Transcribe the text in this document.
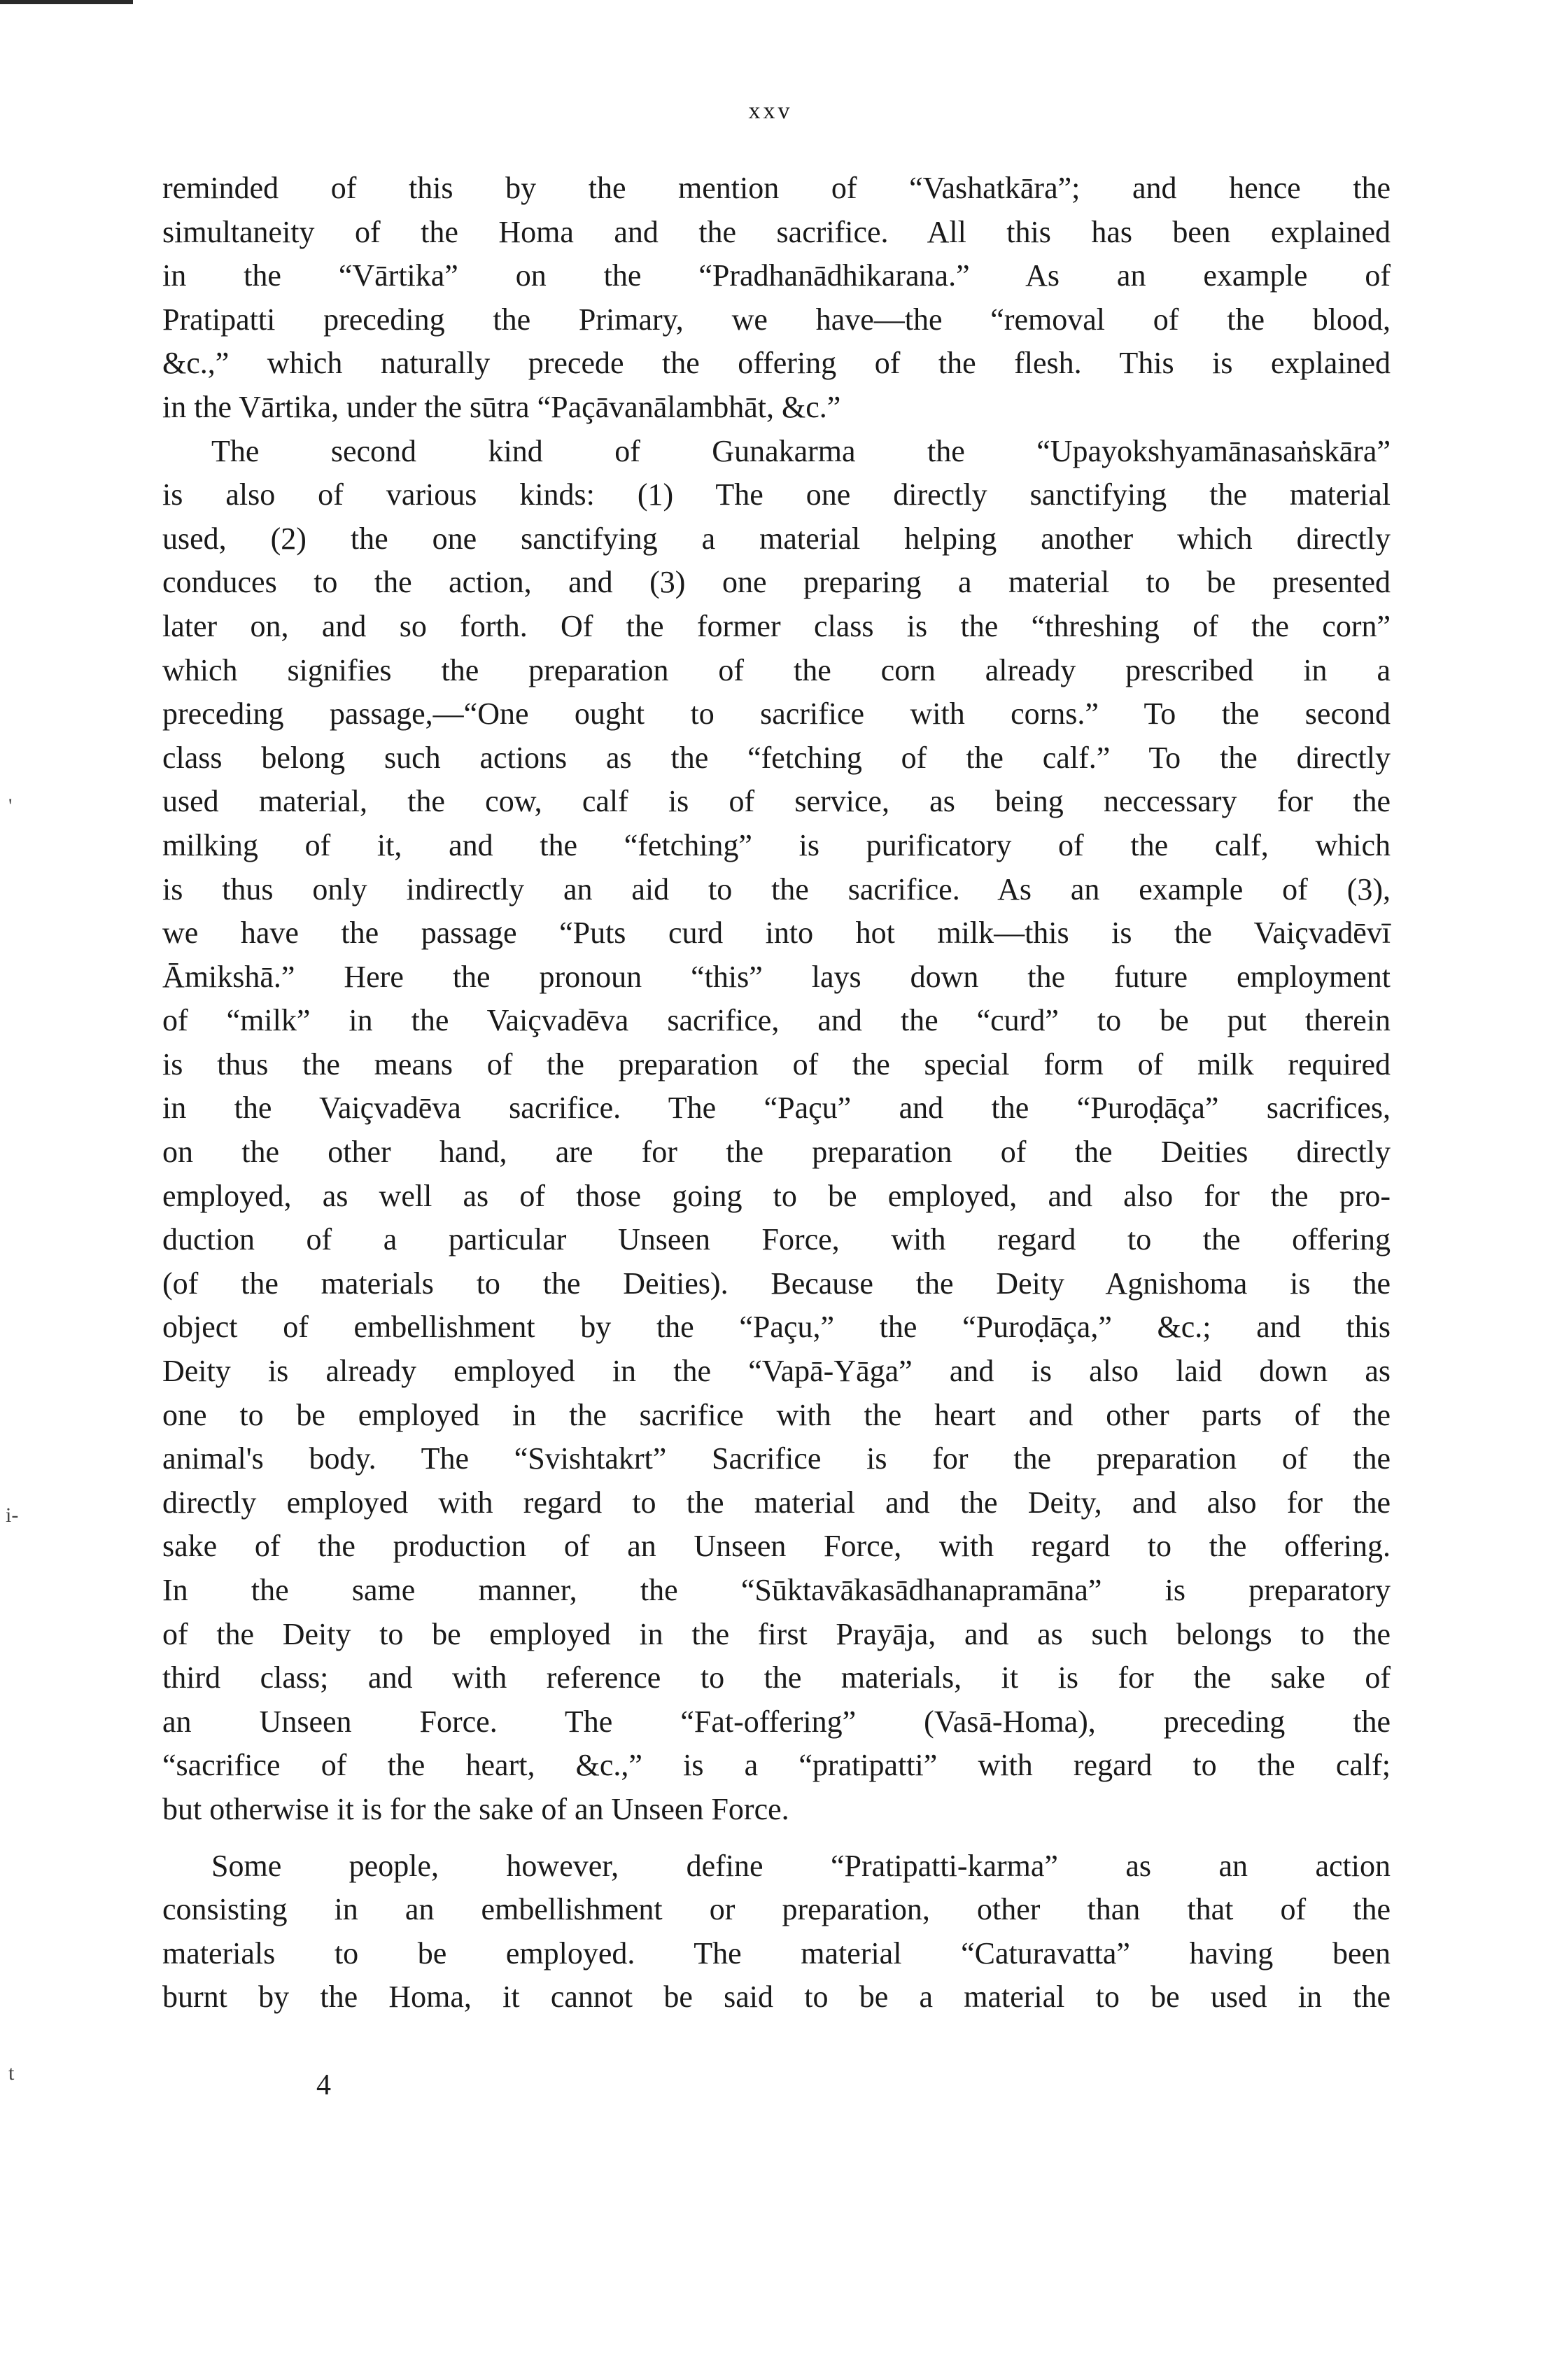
xxv
reminded of this by the mention of “Vashatkāra”; and hence the
simultaneity of the Homa and the sacrifice. All this has been explained
in the “Vārtika” on the “Pradhanādhikarana.” As an example of
Pratipatti preceding the Primary, we have—the “removal of the blood,
&c.,” which naturally precede the offering of the flesh. This is explained
in the Vārtika, under the sūtra “Paçāvanālambhāt, &c.”
The second kind of Gunakarma the “Upayokshyamānasaṅskāra”
is also of various kinds: (1) The one directly sanctifying the material
used, (2) the one sanctifying a material helping another which directly
conduces to the action, and (3) one preparing a material to be presented
later on, and so forth. Of the former class is the “threshing of the corn”
which signifies the preparation of the corn already prescribed in a
preceding passage,—“One ought to sacrifice with corns.” To the second
class belong such actions as the “fetching of the calf.” To the directly
used material, the cow, calf is of service, as being neccessary for the
milking of it, and the “fetching” is purificatory of the calf, which
is thus only indirectly an aid to the sacrifice. As an example of (3),
we have the passage “Puts curd into hot milk—this is the Vaiçvadēvī
Āmikshā.” Here the pronoun “this” lays down the future employment
of “milk” in the Vaiçvadēva sacrifice, and the “curd” to be put therein
is thus the means of the preparation of the special form of milk required
in the Vaiçvadēva sacrifice. The “Paçu” and the “Puroḍāça” sacrifices,
on the other hand, are for the preparation of the Deities directly
employed, as well as of those going to be employed, and also for the pro-
duction of a particular Unseen Force, with regard to the offering
(of the materials to the Deities). Because the Deity Agnishoma is the
object of embellishment by the “Paçu,” the “Puroḍāça,” &c.; and this
Deity is already employed in the “Vapā-Yāga” and is also laid down as
one to be employed in the sacrifice with the heart and other parts of the
animal's body. The “Svishtakrt” Sacrifice is for the preparation of the
directly employed with regard to the material and the Deity, and also for the
sake of the production of an Unseen Force, with regard to the offering.
In the same manner, the “Sūktavākasādhanapramāna” is preparatory
of the Deity to be employed in the first Prayāja, and as such belongs to the
third class; and with reference to the materials, it is for the sake of
an Unseen Force. The “Fat-offering” (Vasā-Homa), preceding the
“sacrifice of the heart, &c.,” is a “pratipatti” with regard to the calf;
but otherwise it is for the sake of an Unseen Force.
Some people, however, define “Pratipatti-karma” as an action
consisting in an embellishment or preparation, other than that of the
materials to be employed. The material “Caturavatta” having been
burnt by the Homa, it cannot be said to be a material to be used in the
4
'
i-
t
